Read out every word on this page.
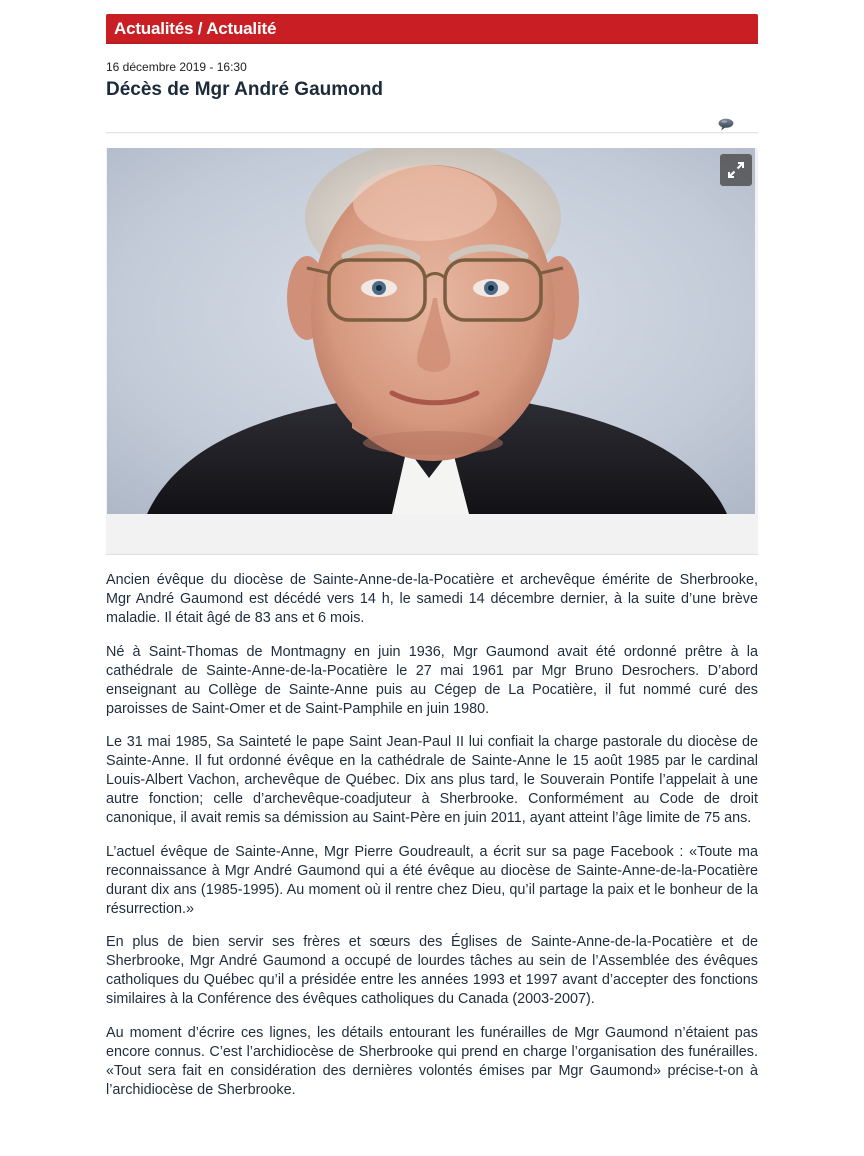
Actualités / Actualité
16 décembre 2019 - 16:30
Décès de Mgr André Gaumond

Ancien évêque du diocèse de Sainte-Anne-de-la-Pocatière et archevêque émérite de Sherbrooke, Mgr André Gaumond est décédé vers 14 h, le samedi 14 décembre dernier, à la suite d’une brève maladie. Il était âgé de 83 ans et 6 mois.

Né à Saint-Thomas de Montmagny en juin 1936, Mgr Gaumond avait été ordonné prêtre à la cathédrale de Sainte-Anne-de-la-Pocatière le 27 mai 1961 par Mgr Bruno Desrochers. D’abord enseignant au Collège de Sainte-Anne puis au Cégep de La Pocatière, il fut nommé curé des paroisses de Saint-Omer et de Saint-Pamphile en juin 1980.

Le 31 mai 1985, Sa Sainteté le pape Saint Jean-Paul II lui confiait la charge pastorale du diocèse de Sainte-Anne. Il fut ordonné évêque en la cathédrale de Sainte-Anne le 15 août 1985 par le cardinal Louis-Albert Vachon, archevêque de Québec. Dix ans plus tard, le Souverain Pontife l’appelait à une autre fonction; celle d’archevêque-coadjuteur à Sherbrooke. Conformément au Code de droit canonique, il avait remis sa démission au Saint-Père en juin 2011, ayant atteint l’âge limite de 75 ans.

L’actuel évêque de Sainte-Anne, Mgr Pierre Goudreault, a écrit sur sa page Facebook : «Toute ma reconnaissance à Mgr André Gaumond qui a été évêque au diocèse de Sainte-Anne-de-la-Pocatière durant dix ans (1985-1995). Au moment où il rentre chez Dieu, qu’il partage la paix et le bonheur de la résurrection.»

En plus de bien servir ses frères et sœurs des Églises de Sainte-Anne-de-la-Pocatière et de Sherbrooke, Mgr André Gaumond a occupé de lourdes tâches au sein de l’Assemblée des évêques catholiques du Québec qu’il a présidée entre les années 1993 et 1997 avant d’accepter des fonctions similaires à la Conférence des évêques catholiques du Canada (2003-2007).

Au moment d’écrire ces lignes, les détails entourant les funérailles de Mgr Gaumond n’étaient pas encore connus. C’est l’archidiocèse de Sherbrooke qui prend en charge l’organisation des funérailles. «Tout sera fait en considération des dernières volontés émises par Mgr Gaumond» précise-t-on à l’archidiocèse de Sherbrooke.
